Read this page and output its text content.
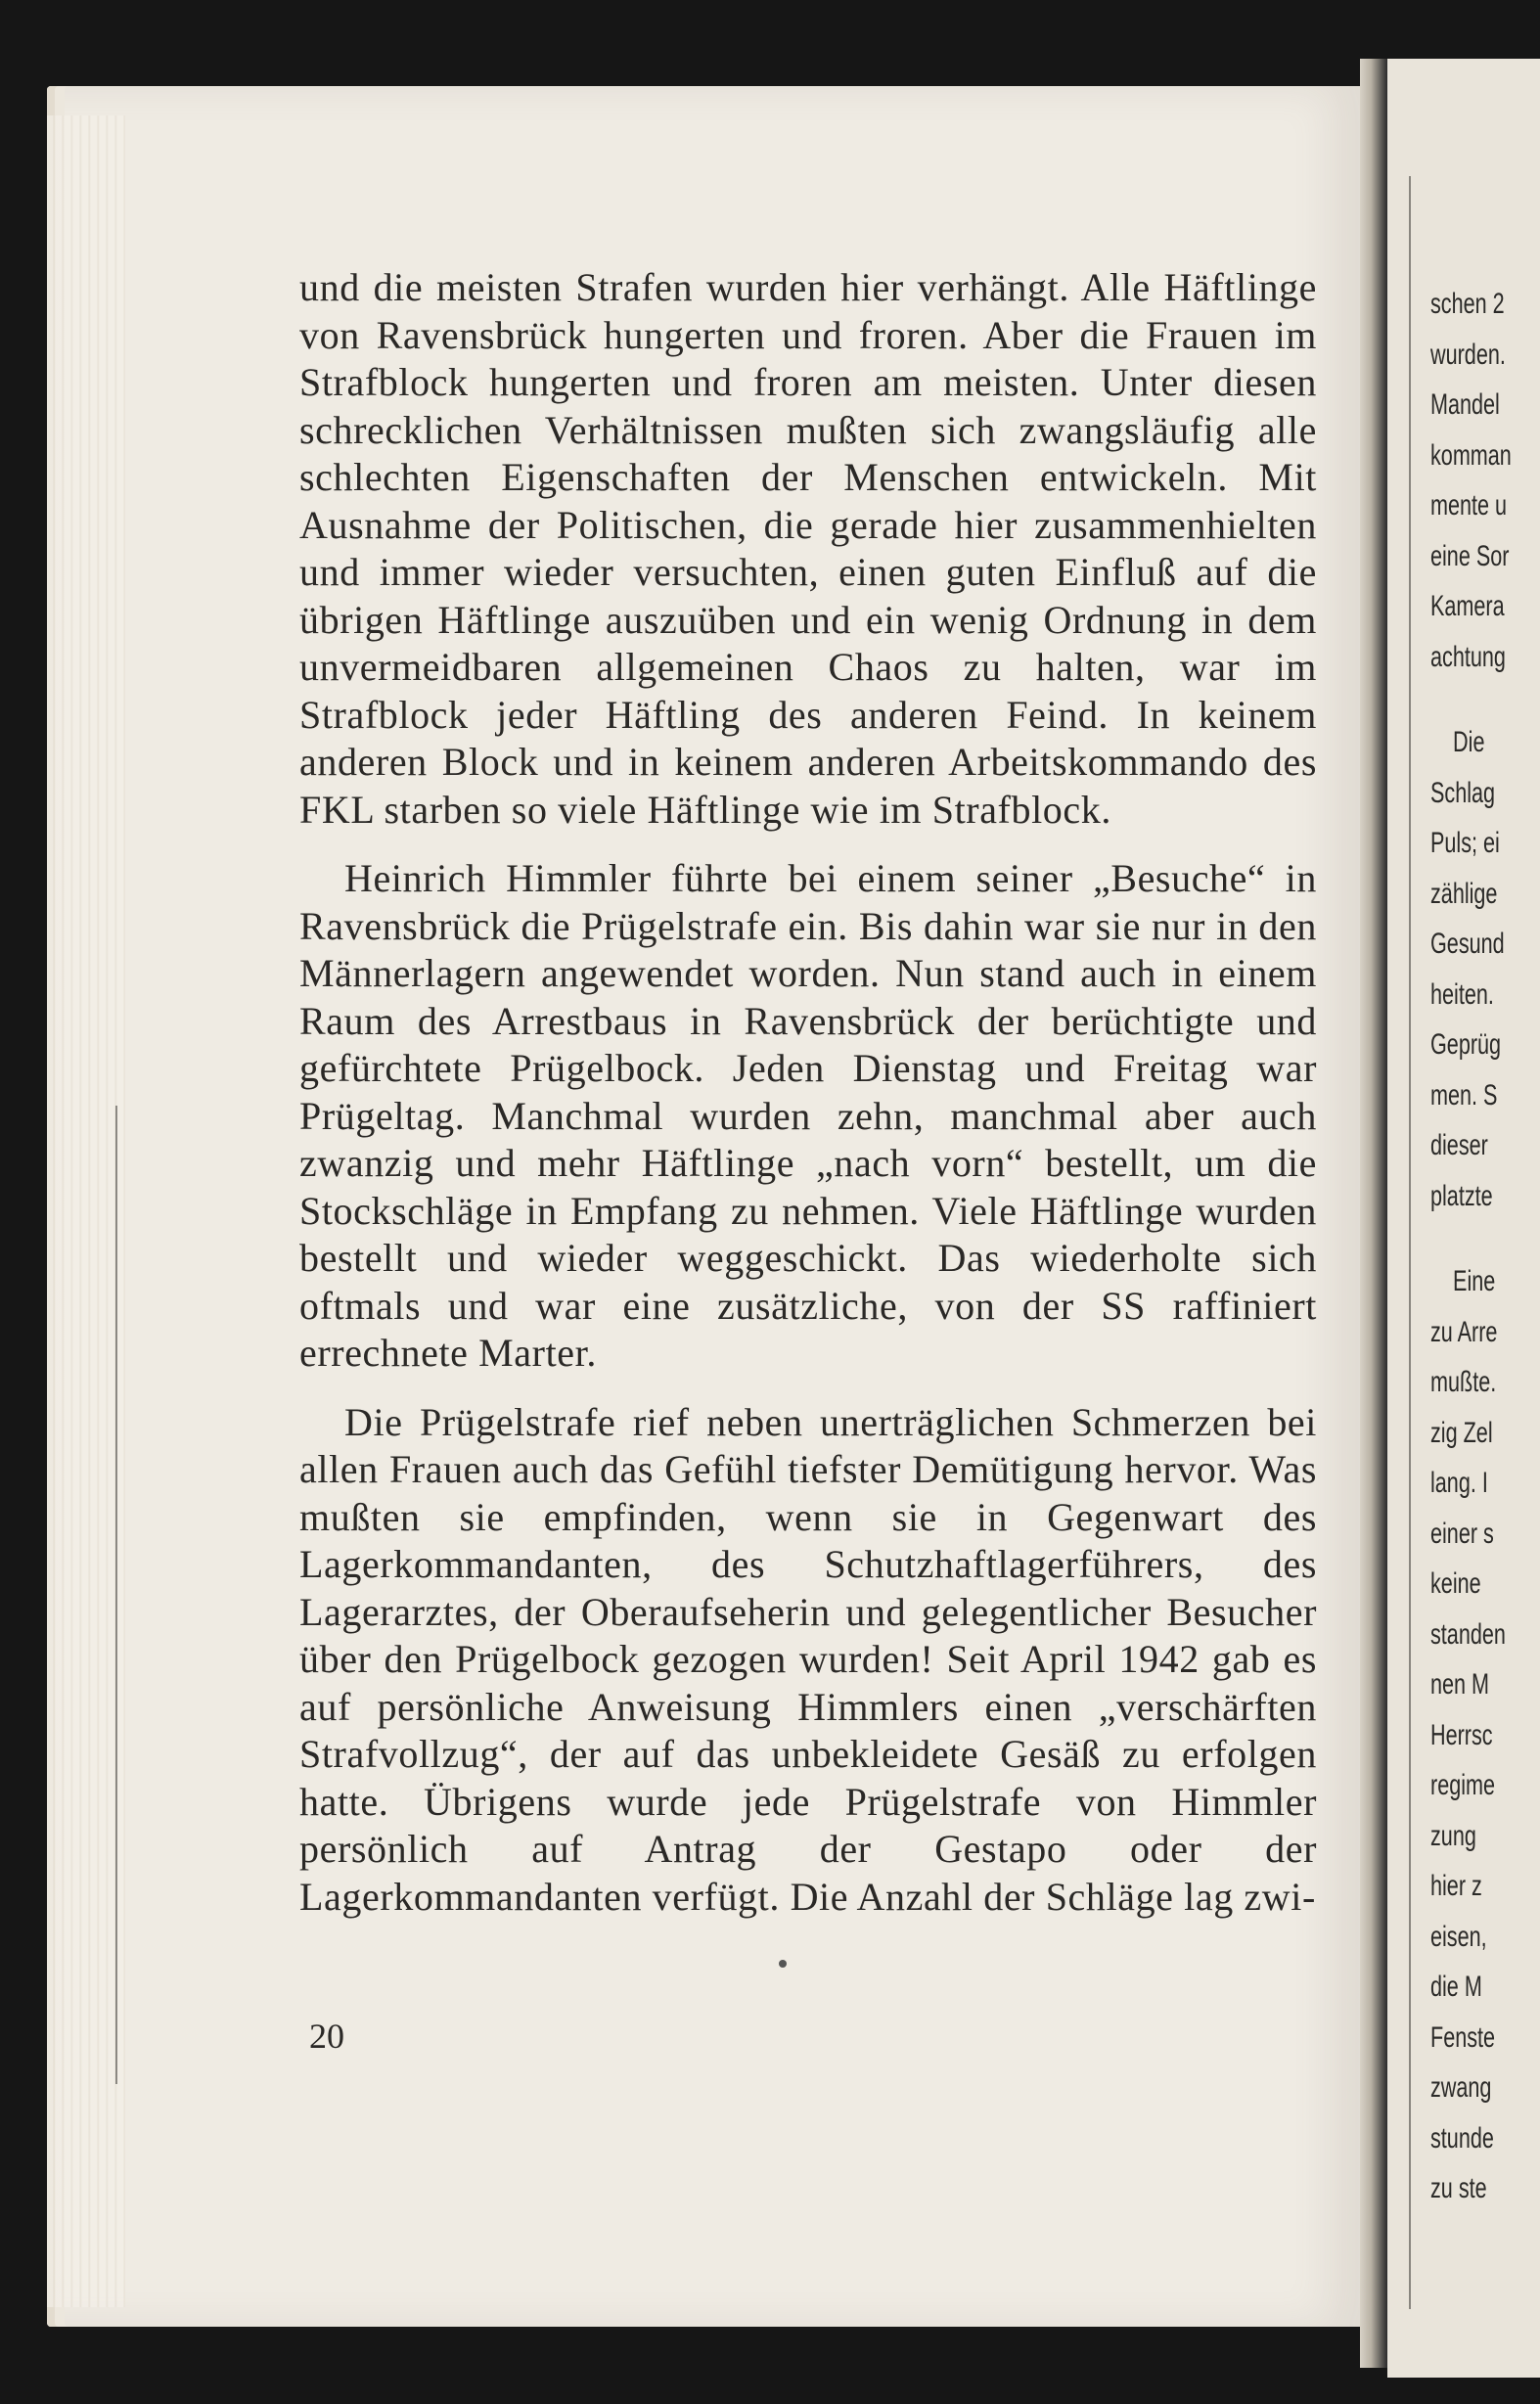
und die meisten Strafen wurden hier verhängt. Alle Häftlinge von Ravensbrück hungerten und froren. Aber die Frauen im Strafblock hungerten und froren am meisten. Unter diesen schrecklichen Verhältnissen mußten sich zwangsläufig alle schlechten Eigenschaften der Menschen entwickeln. Mit Ausnahme der Politischen, die gerade hier zusammenhielten und immer wieder versuchten, einen guten Einfluß auf die übrigen Häftlinge auszuüben und ein wenig Ordnung in dem unvermeidbaren allgemeinen Chaos zu halten, war im Strafblock jeder Häftling des anderen Feind. In keinem anderen Block und in keinem anderen Arbeitskommando des FKL starben so viele Häftlinge wie im Strafblock.

Heinrich Himmler führte bei einem seiner „Besuche“ in Ravensbrück die Prügelstrafe ein. Bis dahin war sie nur in den Männerlagern angewendet worden. Nun stand auch in einem Raum des Arrestbaus in Ravensbrück der berüchtigte und gefürchtete Prügelbock. Jeden Dienstag und Freitag war Prügeltag. Manchmal wurden zehn, manchmal aber auch zwanzig und mehr Häftlinge „nach vorn“ bestellt, um die Stockschläge in Empfang zu nehmen. Viele Häftlinge wurden bestellt und wieder weggeschickt. Das wiederholte sich oftmals und war eine zusätzliche, von der SS raffiniert errechnete Marter.

Die Prügelstrafe rief neben unerträglichen Schmerzen bei allen Frauen auch das Gefühl tiefster Demütigung hervor. Was mußten sie empfinden, wenn sie in Gegenwart des Lagerkommandanten, des Schutzhaftlagerführers, des Lagerarztes, der Oberaufseherin und gelegentlicher Besucher über den Prügelbock gezogen wurden! Seit April 1942 gab es auf persönliche Anweisung Himmlers einen „verschärften Strafvollzug“, der auf das unbekleidete Gesäß zu erfolgen hatte. Übrigens wurde jede Prügelstrafe von Himmler persönlich auf Antrag der Gestapo oder der Lagerkommandanten verfügt. Die Anzahl der Schläge lag zwi-

20
schen 2
wurden.
Mandel
komman
mente u
eine Sor
Kamera
achtung
Die
Schlag
Puls; ei
zählige
Gesund
heiten.
Geprüg
men. S
dieser
platzte
Eine
zu Arre
mußte.
zig Zel
lang. I
einer s
keine
standen
nen M
Herrsc
regime
zung
hier z
eisen,
die M
Fenste
zwang
stunde
zu ste
